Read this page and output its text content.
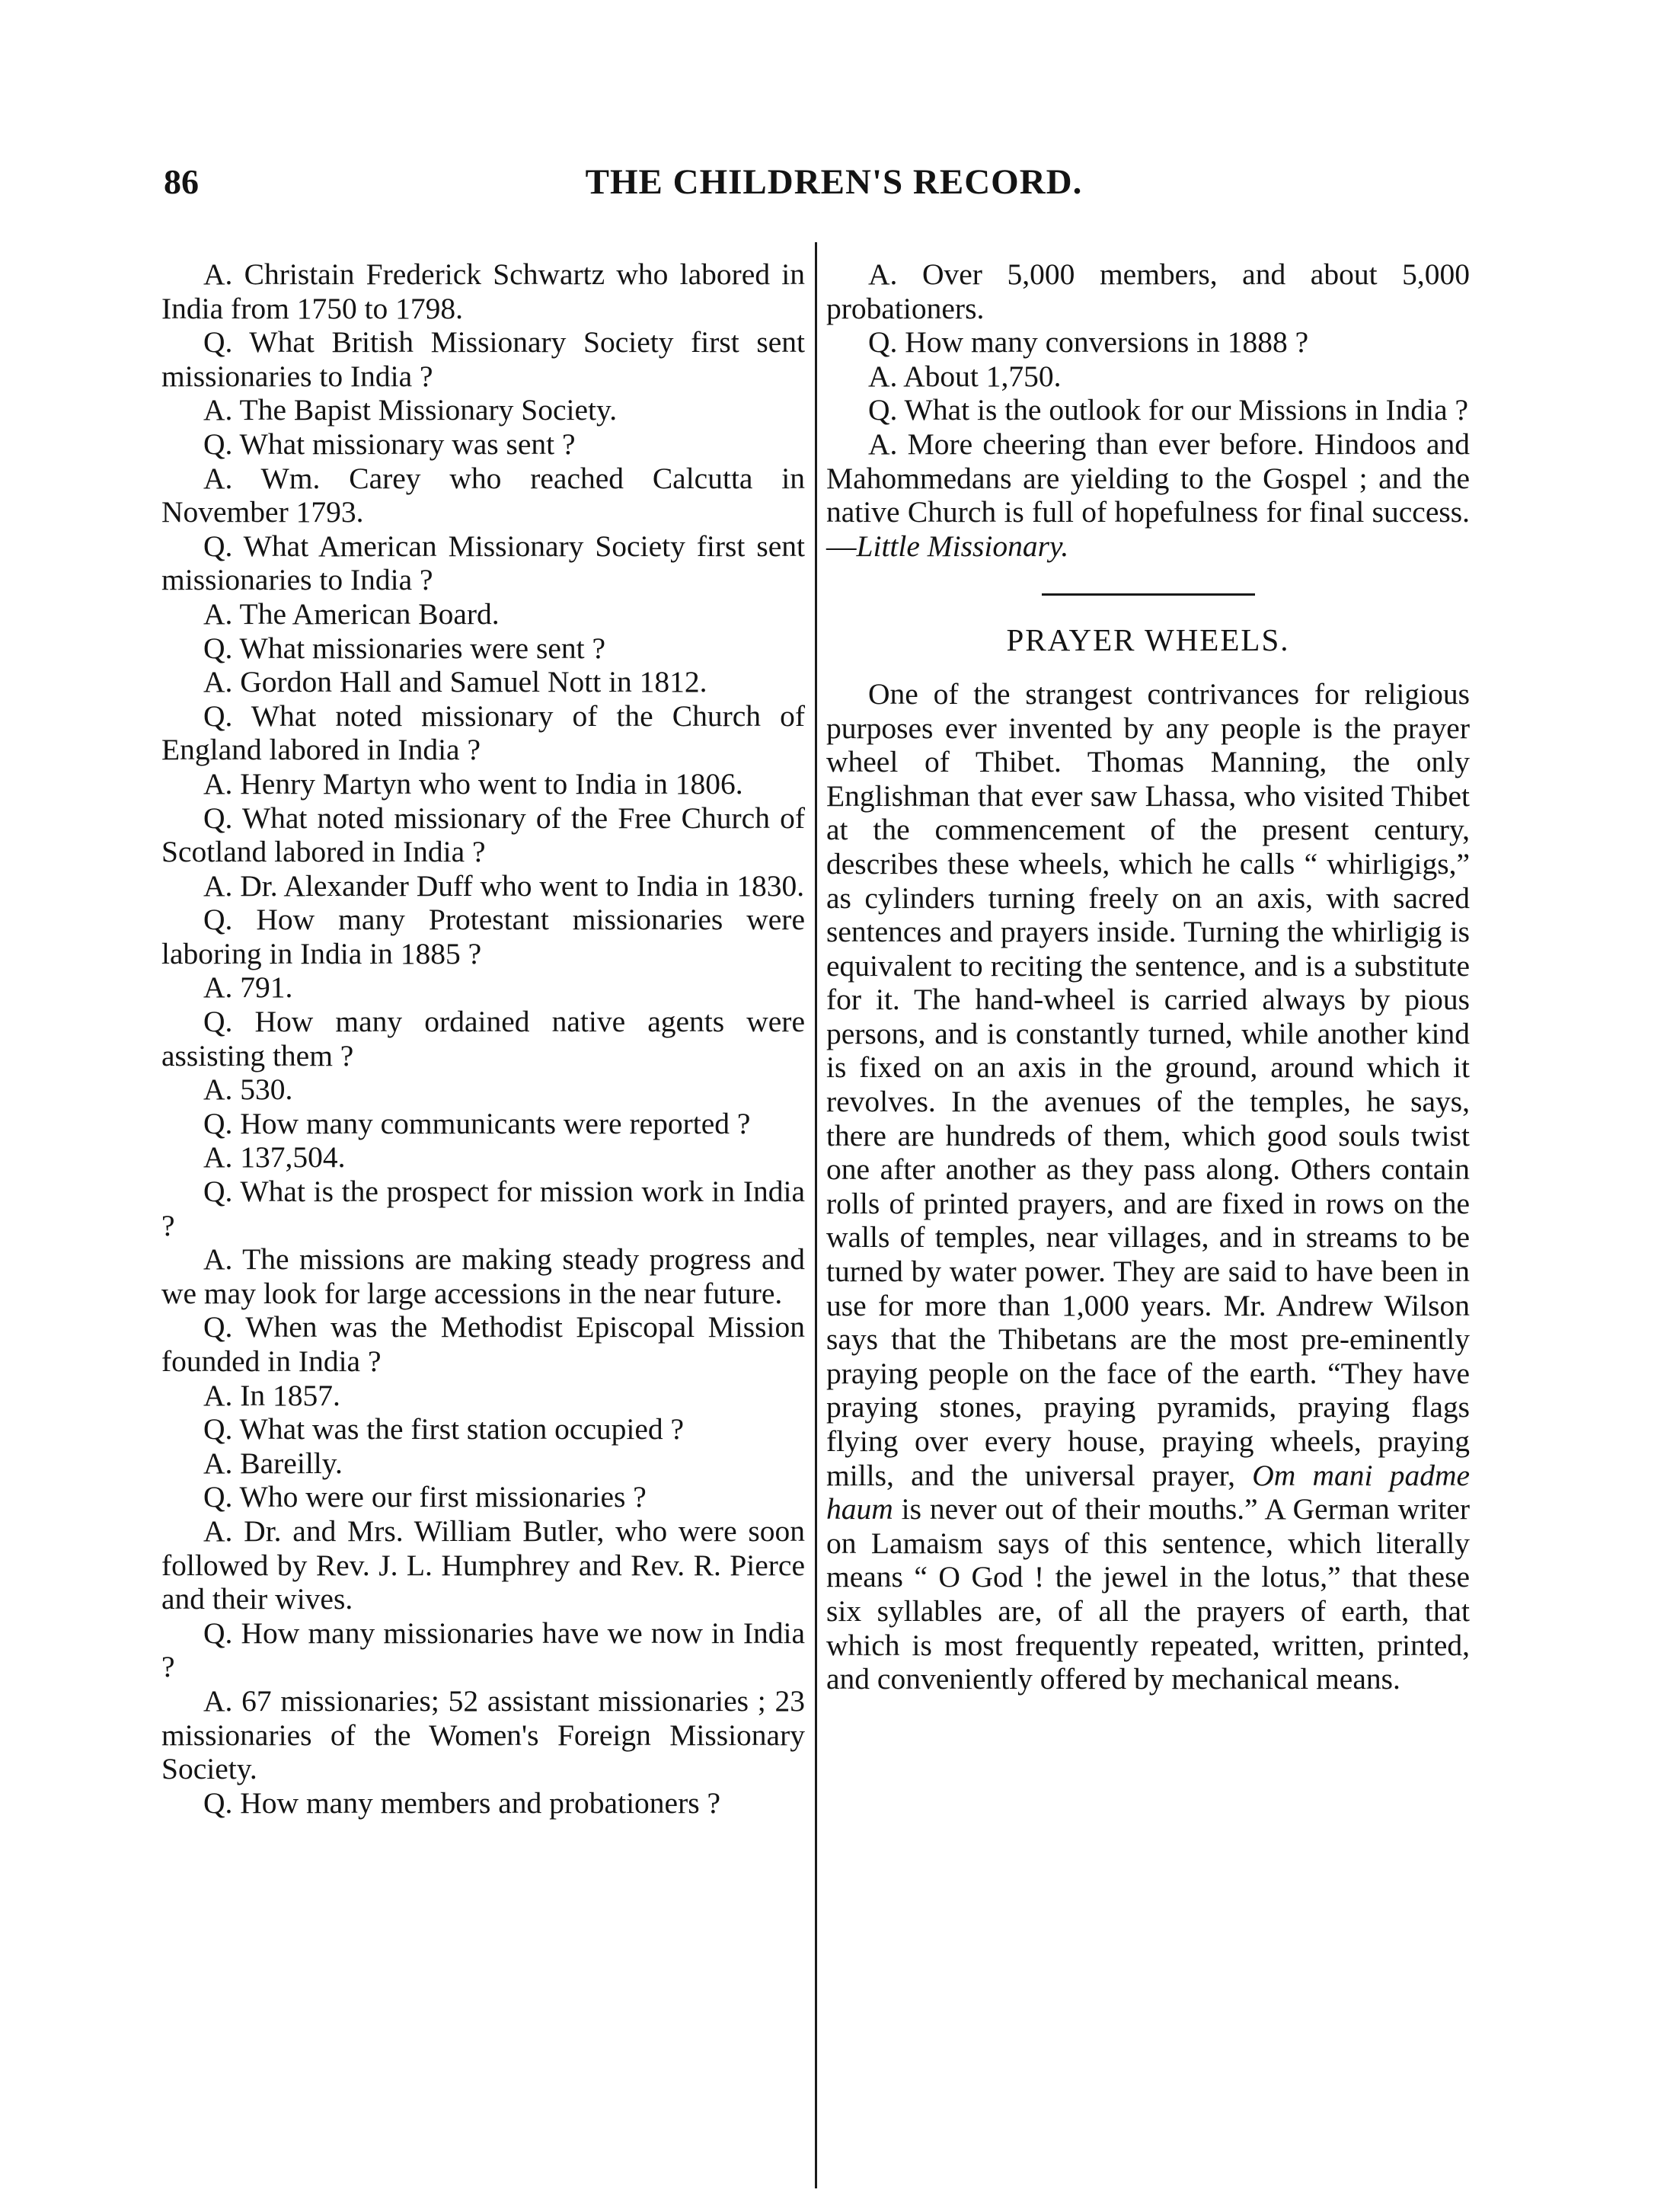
86	THE CHILDREN'S RECORD.

A. Christain Frederick Schwartz who labored in India from 1750 to 1798.

Q. What British Missionary Society first sent missionaries to India ?

A. The Bapist Missionary Society.

Q. What missionary was sent ?

A. Wm. Carey who reached Calcutta in November 1793.

Q. What American Missionary Society first sent missionaries to India ?

A. The American Board.

Q. What missionaries were sent ?

A. Gordon Hall and Samuel Nott in 1812.

Q. What noted missionary of the Church of England labored in India ?

A. Henry Martyn who went to India in 1806.

Q. What noted missionary of the Free Church of Scotland labored in India ?

A. Dr. Alexander Duff who went to India in 1830.

Q. How many Protestant missionaries were laboring in India in 1885 ?

A. 791.

Q. How many ordained native agents were assisting them ?

A. 530.

Q. How many communicants were reported ?

A. 137,504.

Q. What is the prospect for mission work in India ?

A. The missions are making steady progress and we may look for large accessions in the near future.

Q. When was the Methodist Episcopal Mission founded in India ?

A. In 1857.

Q. What was the first station occupied ?

A. Bareilly.

Q. Who were our first missionaries ?

A. Dr. and Mrs. William Butler, who were soon followed by Rev. J. L. Humphrey and Rev. R. Pierce and their wives.

Q. How many missionaries have we now in India ?

A. 67 missionaries; 52 assistant missionaries ; 23 missionaries of the Women's Foreign Missionary Society.

Q. How many members and probationers ?

A. Over 5,000 members, and about 5,000 probationers.

Q. How many conversions in 1888 ?

A. About 1,750.

Q. What is the outlook for our Missions in India ?

A. More cheering than ever before. Hindoos and Mahommedans are yielding to the Gospel ; and the native Church is full of hopefulness for final success.—Little Missionary.

PRAYER WHEELS.

One of the strangest contrivances for religious purposes ever invented by any people is the prayer wheel of Thibet. Thomas Manning, the only Englishman that ever saw Lhassa, who visited Thibet at the commencement of the present century, describes these wheels, which he calls “ whirligigs,” as cylinders turning freely on an axis, with sacred sentences and prayers inside. Turning the whirligig is equivalent to reciting the sentence, and is a substitute for it. The hand-wheel is carried always by pious persons, and is constantly turned, while another kind is fixed on an axis in the ground, around which it revolves. In the avenues of the temples, he says, there are hundreds of them, which good souls twist one after another as they pass along. Others contain rolls of printed prayers, and are fixed in rows on the walls of temples, near villages, and in streams to be turned by water power. They are said to have been in use for more than 1,000 years. Mr. Andrew Wilson says that the Thibetans are the most pre-eminently praying people on the face of the earth. “They have praying stones, praying pyramids, praying flags flying over every house, praying wheels, praying mills, and the universal prayer, Om mani padme haum is never out of their mouths.” A German writer on Lamaism says of this sentence, which literally means “ O God ! the jewel in the lotus,” that these six syllables are, of all the prayers of earth, that which is most frequently repeated, written, printed, and conveniently offered by mechanical means.
